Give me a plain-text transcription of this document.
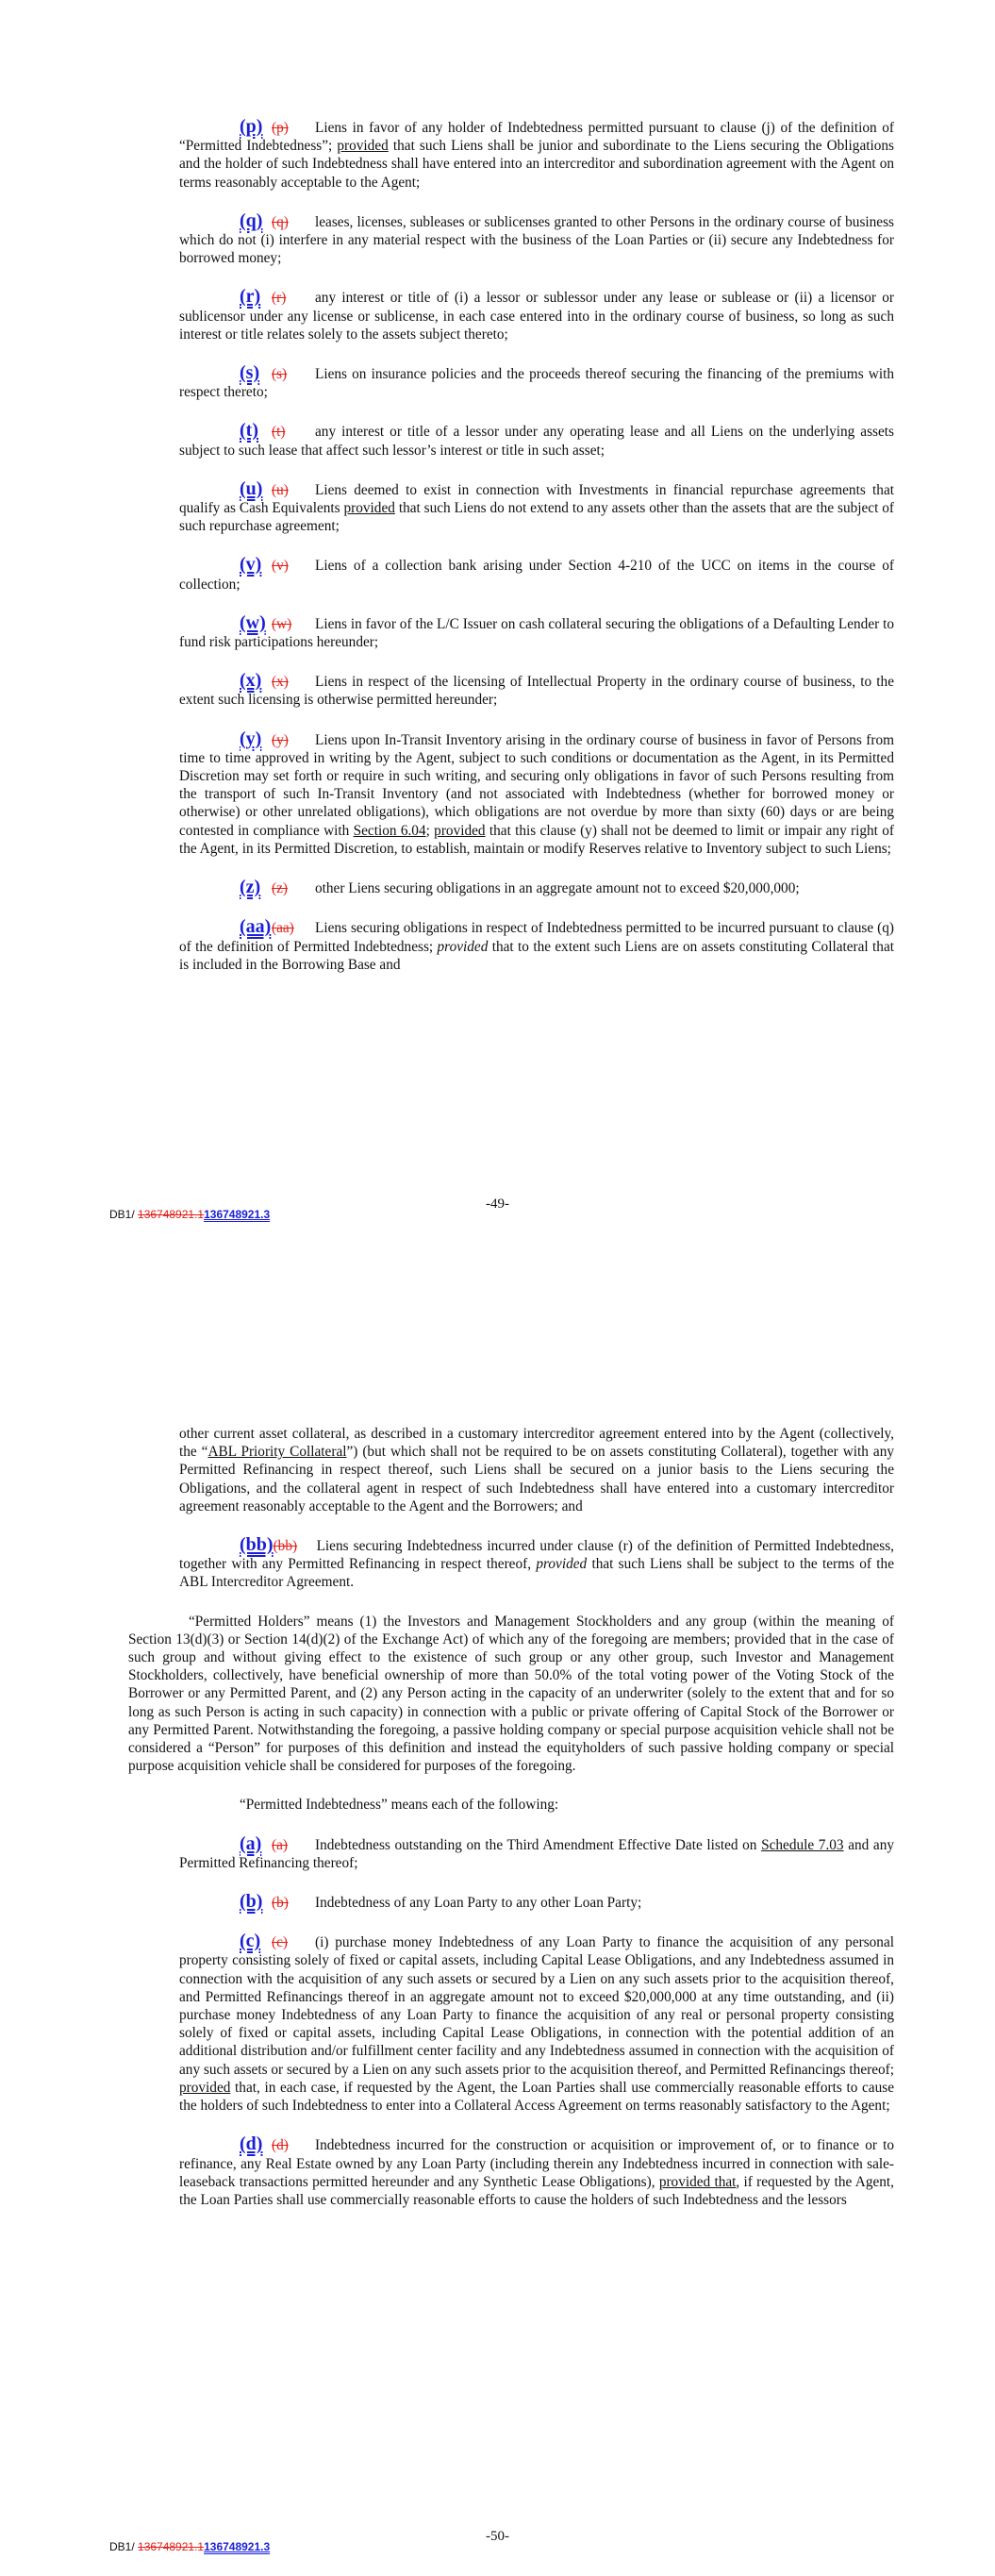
(p) (p) Liens in favor of any holder of Indebtedness permitted pursuant to clause (j) of the definition of “Permitted Indebtedness”; provided that such Liens shall be junior and subordinate to the Liens securing the Obligations and the holder of such Indebtedness shall have entered into an intercreditor and subordination agreement with the Agent on terms reasonably acceptable to the Agent;

(q) (q) leases, licenses, subleases or sublicenses granted to other Persons in the ordinary course of business which do not (i) interfere in any material respect with the business of the Loan Parties or (ii) secure any Indebtedness for borrowed money;

(r) (r) any interest or title of (i) a lessor or sublessor under any lease or sublease or (ii) a licensor or sublicensor under any license or sublicense, in each case entered into in the ordinary course of business, so long as such interest or title relates solely to the assets subject thereto;

(s) (s) Liens on insurance policies and the proceeds thereof securing the financing of the premiums with respect thereto;

(t) (t) any interest or title of a lessor under any operating lease and all Liens on the underlying assets subject to such lease that affect such lessor’s interest or title in such asset;

(u) (u) Liens deemed to exist in connection with Investments in financial repurchase agreements that qualify as Cash Equivalents provided that such Liens do not extend to any assets other than the assets that are the subject of such repurchase agreement;

(v) (v) Liens of a collection bank arising under Section 4-210 of the UCC on items in the course of collection;

(w) (w) Liens in favor of the L/C Issuer on cash collateral securing the obligations of a Defaulting Lender to fund risk participations hereunder;

(x) (x) Liens in respect of the licensing of Intellectual Property in the ordinary course of business, to the extent such licensing is otherwise permitted hereunder;

(y) (y) Liens upon In-Transit Inventory arising in the ordinary course of business in favor of Persons from time to time approved in writing by the Agent, subject to such conditions or documentation as the Agent, in its Permitted Discretion may set forth or require in such writing, and securing only obligations in favor of such Persons resulting from the transport of such In-Transit Inventory (and not associated with Indebtedness (whether for borrowed money or otherwise) or other unrelated obligations), which obligations are not overdue by more than sixty (60) days or are being contested in compliance with Section 6.04; provided that this clause (y) shall not be deemed to limit or impair any right of the Agent, in its Permitted Discretion, to establish, maintain or modify Reserves relative to Inventory subject to such Liens;

(z) (z) other Liens securing obligations in an aggregate amount not to exceed $20,000,000;

(aa)(aa) Liens securing obligations in respect of Indebtedness permitted to be incurred pursuant to clause (q) of the definition of Permitted Indebtedness; provided that to the extent such Liens are on assets constituting Collateral that is included in the Borrowing Base and

DB1/ 136748921.1136748921.3
-49-

other current asset collateral, as described in a customary intercreditor agreement entered into by the Agent (collectively, the “ABL Priority Collateral”) (but which shall not be required to be on assets constituting Collateral), together with any Permitted Refinancing in respect thereof, such Liens shall be secured on a junior basis to the Liens securing the Obligations, and the collateral agent in respect of such Indebtedness shall have entered into a customary intercreditor agreement reasonably acceptable to the Agent and the Borrowers; and

(bb)(bb) Liens securing Indebtedness incurred under clause (r) of the definition of Permitted Indebtedness, together with any Permitted Refinancing in respect thereof, provided that such Liens shall be subject to the terms of the ABL Intercreditor Agreement.

“Permitted Holders” means (1) the Investors and Management Stockholders and any group (within the meaning of Section 13(d)(3) or Section 14(d)(2) of the Exchange Act) of which any of the foregoing are members; provided that in the case of such group and without giving effect to the existence of such group or any other group, such Investor and Management Stockholders, collectively, have beneficial ownership of more than 50.0% of the total voting power of the Voting Stock of the Borrower or any Permitted Parent, and (2) any Person acting in the capacity of an underwriter (solely to the extent that and for so long as such Person is acting in such capacity) in connection with a public or private offering of Capital Stock of the Borrower or any Permitted Parent. Notwithstanding the foregoing, a passive holding company or special purpose acquisition vehicle shall not be considered a “Person” for purposes of this definition and instead the equityholders of such passive holding company or special purpose acquisition vehicle shall be considered for purposes of the foregoing.

“Permitted Indebtedness” means each of the following:

(a) (a) Indebtedness outstanding on the Third Amendment Effective Date listed on Schedule 7.03 and any Permitted Refinancing thereof;

(b) (b) Indebtedness of any Loan Party to any other Loan Party;

(c) (c) (i) purchase money Indebtedness of any Loan Party to finance the acquisition of any personal property consisting solely of fixed or capital assets, including Capital Lease Obligations, and any Indebtedness assumed in connection with the acquisition of any such assets or secured by a Lien on any such assets prior to the acquisition thereof, and Permitted Refinancings thereof in an aggregate amount not to exceed $20,000,000 at any time outstanding, and (ii) purchase money Indebtedness of any Loan Party to finance the acquisition of any real or personal property consisting solely of fixed or capital assets, including Capital Lease Obligations, in connection with the potential addition of an additional distribution and/or fulfillment center facility and any Indebtedness assumed in connection with the acquisition of any such assets or secured by a Lien on any such assets prior to the acquisition thereof, and Permitted Refinancings thereof; provided that, in each case, if requested by the Agent, the Loan Parties shall use commercially reasonable efforts to cause the holders of such Indebtedness to enter into a Collateral Access Agreement on terms reasonably satisfactory to the Agent;

(d) (d) Indebtedness incurred for the construction or acquisition or improvement of, or to finance or to refinance, any Real Estate owned by any Loan Party (including therein any Indebtedness incurred in connection with sale-leaseback transactions permitted hereunder and any Synthetic Lease Obligations), provided that, if requested by the Agent, the Loan Parties shall use commercially reasonable efforts to cause the holders of such Indebtedness and the lessors

DB1/ 136748921.1136748921.3
-50-
